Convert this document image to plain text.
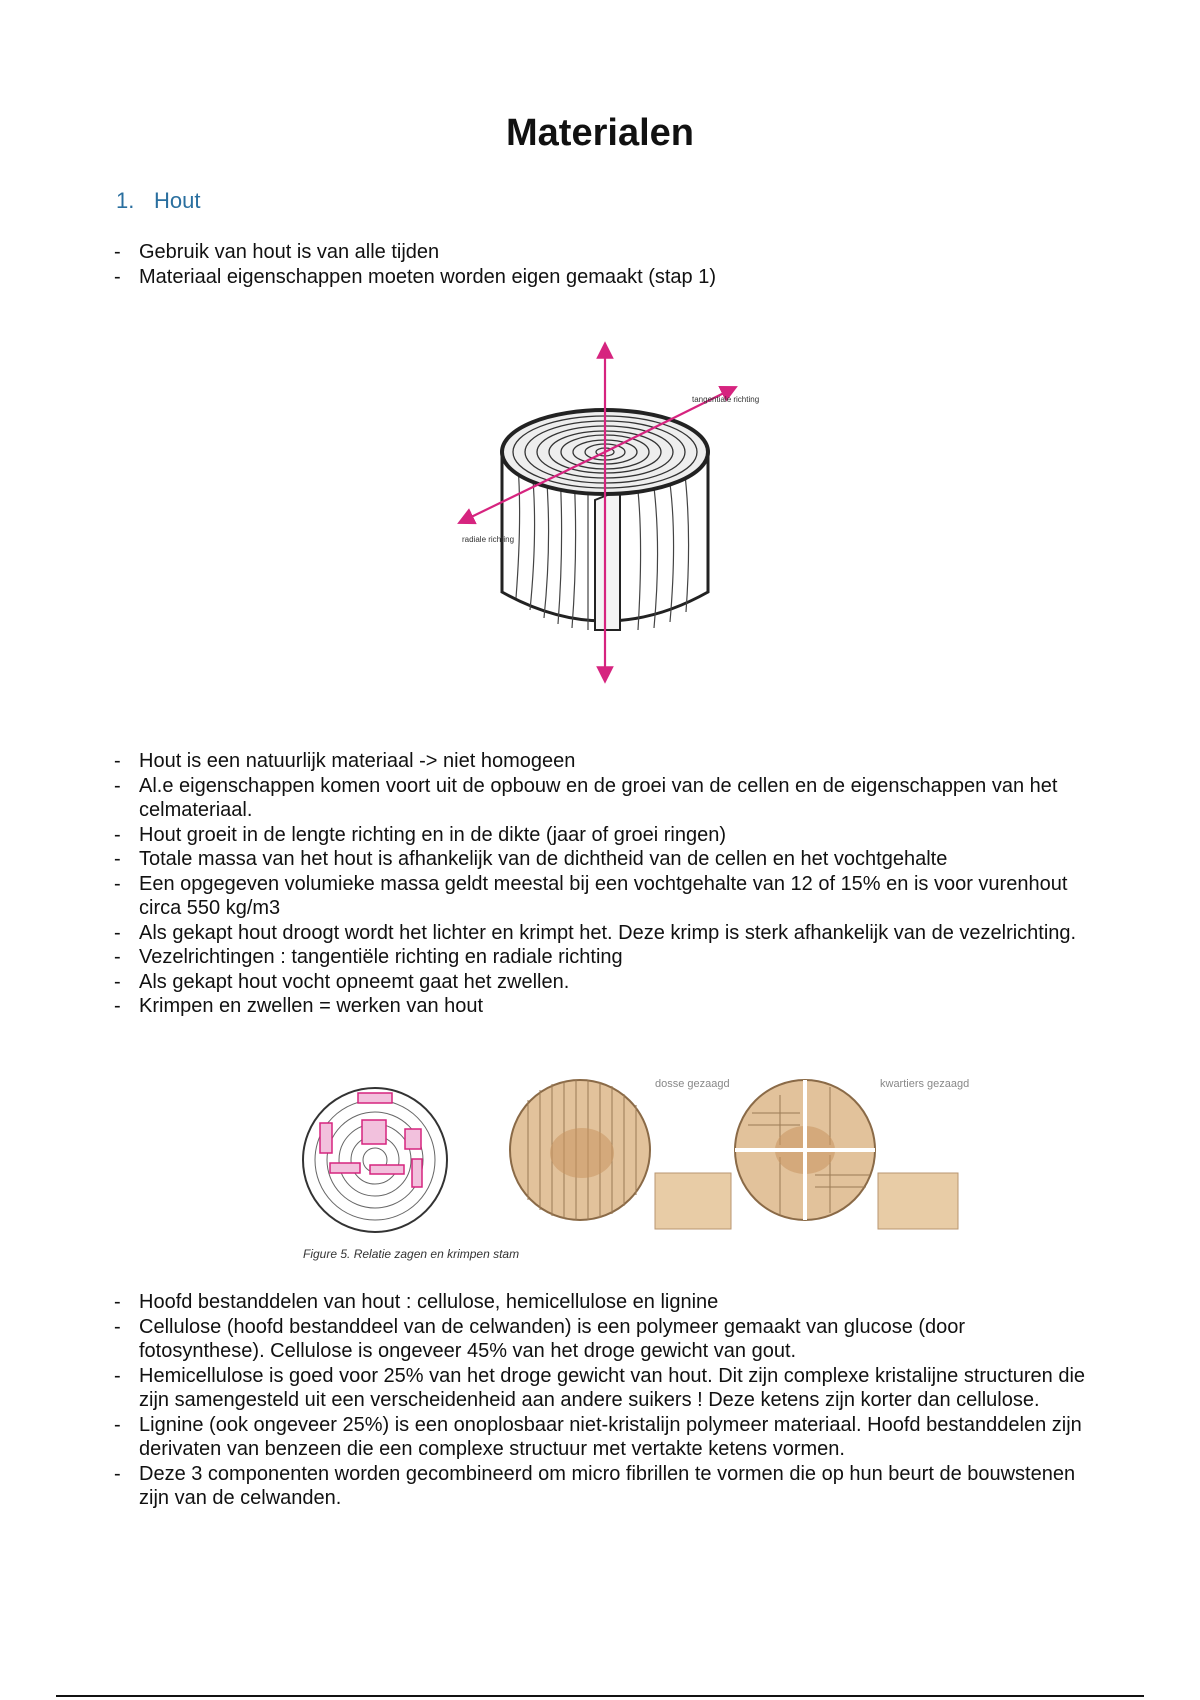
Materialen
1. Hout
- Gebruik van hout is van alle tijden
- Materiaal eigenschappen moeten worden eigen gemaakt (stap 1)
tangentiale richting
radiale richting
- Hout is een natuurlijk materiaal -> niet homogeen
- Al.e eigenschappen komen voort uit de opbouw en de groei van de cellen en de eigenschappen van het celmateriaal.
- Hout groeit in de lengte richting en in de dikte (jaar of groei ringen)
- Totale massa van het hout is afhankelijk van de dichtheid van de cellen en het vochtgehalte
- Een opgegeven volumieke massa geldt meestal bij een vochtgehalte van 12 of 15% en is voor vurenhout circa 550 kg/m3
- Als gekapt hout droogt wordt het lichter en krimpt het. Deze krimp is sterk afhankelijk van de vezelrichting.
- Vezelrichtingen : tangentiële richting en radiale richting
- Als gekapt hout vocht opneemt gaat het zwellen.
- Krimpen en zwellen = werken van hout
dosse gezaagd	kwartiers gezaagd
Figure 5. Relatie zagen en krimpen stam
- Hoofd bestanddelen van hout : cellulose, hemicellulose en lignine
- Cellulose (hoofd bestanddeel van de celwanden) is een polymeer gemaakt van glucose (door fotosynthese). Cellulose is ongeveer 45% van het droge gewicht van gout.
- Hemicellulose is goed voor 25% van het droge gewicht van hout. Dit zijn complexe kristalijne structuren die zijn samengesteld uit een verscheidenheid aan andere suikers ! Deze ketens zijn korter dan cellulose.
- Lignine (ook ongeveer 25%) is een onoplosbaar niet-kristalijn polymeer materiaal. Hoofd bestanddelen zijn derivaten van benzeen die een complexe structuur met vertakte ketens vormen.
- Deze 3 componenten worden gecombineerd om micro fibrillen te vormen die op hun beurt de bouwstenen zijn van de celwanden.
